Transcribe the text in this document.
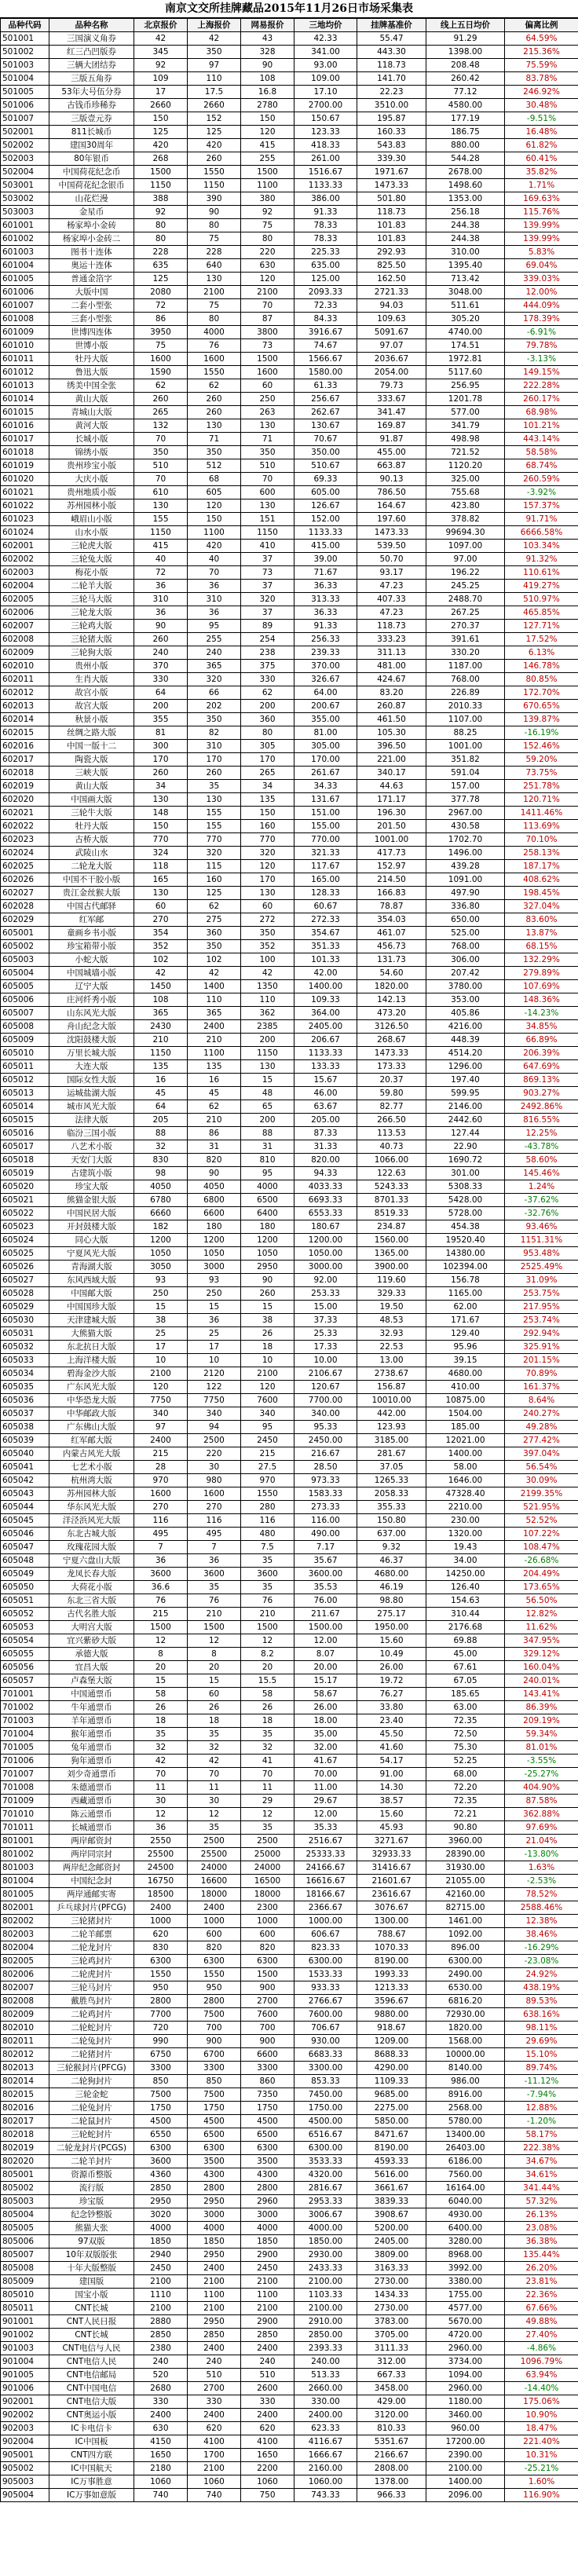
南京文交所挂牌藏品2015年11月26日市场采集表
品种代码	品种名称	北京报价	上海报价	网易报价	三地均价	挂牌基准价	线上五日均价	偏离比例
501001	三国演义角券	42	42	43	42.33	55.47	91.29	64.59%
501002	红三凸凹版券	345	350	328	341.00	443.30	1398.00	215.36%
501003	三辆大团结券	92	97	90	93.00	118.73	208.48	75.59%
501004	三版五角券	109	110	108	109.00	141.70	260.42	83.78%
501005	53年大号伍分券	17	17.5	16.8	17.10	22.23	77.12	246.92%
501006	古钱币珍稀券	2660	2660	2780	2700.00	3510.00	4580.00	30.48%
501007	三版壹元券	150	152	150	150.67	195.87	177.19	-9.51%
502001	811长城币	125	125	120	123.33	160.33	186.75	16.48%
502002	建国30周年	420	420	415	418.33	543.83	880.00	61.82%
502003	80年银币	268	260	255	261.00	339.30	544.28	60.41%
502004	中国荷花纪念币	1500	1550	1500	1516.67	1971.67	2678.00	35.82%
503001	中国荷花纪念银币	1150	1150	1100	1133.33	1473.33	1498.60	1.71%
503002	山花烂漫	388	390	380	386.00	501.80	1353.00	169.63%
503003	金星币	92	90	92	91.33	118.73	256.18	115.76%
601001	杨家埠小金砖	80	80	75	78.33	101.83	244.38	139.99%
601002	杨家埠小金砖二	80	75	80	78.33	101.83	244.38	139.99%
601003	图书十连体	228	228	220	225.33	292.93	310.00	5.83%
601004	奥运十连体	635	640	630	635.00	825.50	1395.40	69.04%
601005	普通金箔字	125	130	120	125.00	162.50	713.42	339.03%
601006	大版中国	2080	2100	2100	2093.33	2721.33	3048.00	12.00%
601007	二套小型张	72	75	70	72.33	94.03	511.61	444.09%
601008	三套小型张	86	80	87	84.33	109.63	305.20	178.39%
601009	世博四连体	3950	4000	3800	3916.67	5091.67	4740.00	-6.91%
601010	世博小版	75	76	73	74.67	97.07	174.51	79.78%
601011	牡丹大版	1600	1600	1500	1566.67	2036.67	1972.81	-3.13%
601012	鲁迅大版	1590	1550	1600	1580.00	2054.00	5117.60	149.15%
601013	绣美中国全张	62	62	60	61.33	79.73	256.95	222.28%
601014	黄山大版	260	260	250	256.67	333.67	1201.78	260.17%
601015	青城山大版	265	260	263	262.67	341.47	577.00	68.98%
601016	黄河大版	132	130	130	130.67	169.87	341.79	101.21%
601017	长城小版	70	71	71	70.67	91.87	498.98	443.14%
601018	锦绣小版	350	350	350	350.00	455.00	721.52	58.58%
601019	贵州珍宝小版	510	512	510	510.67	663.87	1120.20	68.74%
601020	大庆小版	70	68	70	69.33	90.13	325.00	260.59%
601021	贵州地质小版	610	605	600	605.00	786.50	755.68	-3.92%
601022	苏州园林小版	130	120	130	126.67	164.67	423.80	157.37%
601023	峨眉山小版	155	150	151	152.00	197.60	378.82	91.71%
601024	山水小版	1150	1100	1150	1133.33	1473.33	99694.30	6666.58%
602001	三轮虎大版	415	420	410	415.00	539.50	1097.00	103.34%
602002	三轮兔大版	40	40	37	39.00	50.70	97.00	91.32%
602003	梅花小版	72	70	73	71.67	93.17	196.22	110.61%
602004	二轮羊大版	36	36	37	36.33	47.23	245.25	419.27%
602005	三轮马大版	310	310	320	313.33	407.33	2488.70	510.97%
602006	三轮龙大版	36	36	37	36.33	47.23	267.25	465.85%
602007	三轮鸡大版	90	95	89	91.33	118.73	270.37	127.71%
602008	三轮猪大版	260	255	254	256.33	333.23	391.61	17.52%
602009	三轮狗大版	240	240	238	239.33	311.13	330.20	6.13%
602010	贵州小版	370	365	375	370.00	481.00	1187.00	146.78%
602011	生肖大版	330	320	330	326.67	424.67	768.00	80.85%
602012	故宫小版	64	66	62	64.00	83.20	226.89	172.70%
602013	故宫大版	200	202	200	200.67	260.87	2010.33	670.65%
602014	秋景小版	355	350	360	355.00	461.50	1107.00	139.87%
602015	丝绸之路大版	81	82	80	81.00	105.30	88.25	-16.19%
602016	中国一版十二	300	310	305	305.00	396.50	1001.00	152.46%
602017	陶瓷大版	170	170	170	170.00	221.00	351.82	59.20%
602018	三峡大版	260	260	265	261.67	340.17	591.04	73.75%
602019	黄山大版	34	35	34	34.33	44.63	157.00	251.78%
602020	中国画大版	130	130	135	131.67	171.17	377.78	120.71%
602021	三轮牛大版	148	155	150	151.00	196.30	2967.00	1411.46%
602022	牡丹大版	150	155	160	155.00	201.50	430.58	113.69%
602023	古桥大版	770	770	770	770.00	1001.00	1702.70	70.10%
602024	武陵山水	324	320	320	321.33	417.73	1496.00	258.13%
602025	二轮龙大版	118	115	120	117.67	152.97	439.28	187.17%
602026	中国不干胶小版	165	160	170	165.00	214.50	1091.00	408.62%
602027	贵江金丝猴大版	130	125	130	128.33	166.83	497.90	198.45%
602028	中国古代邮驿	60	62	60	60.67	78.87	336.80	327.04%
602029	红军邮	270	275	272	272.33	354.03	650.00	83.60%
605001	童画乡书小版	354	360	350	354.67	461.07	525.00	13.87%
605002	珍宝箱带小版	352	350	352	351.33	456.73	768.00	68.15%
605003	小蛇大版	102	102	100	101.33	131.73	306.00	132.29%
605004	中国城墙小版	42	42	42	42.00	54.60	207.42	279.89%
605005	辽宁大版	1450	1400	1350	1400.00	1820.00	3780.00	107.69%
605006	庄河纤秀小版	108	110	110	109.33	142.13	353.00	148.36%
605007	山东风光大版	365	365	362	364.00	473.20	405.86	-14.23%
605008	舟山纪念大版	2430	2400	2385	2405.00	3126.50	4216.00	34.85%
605009	沈阳鼓楼大版	210	210	200	206.67	268.67	448.39	66.89%
605010	万里长城大版	1150	1100	1150	1133.33	1473.33	4514.20	206.39%
605011	大连大版	135	135	130	133.33	173.33	1296.00	647.69%
605012	国际女性大版	16	16	15	15.67	20.37	197.40	869.13%
605013	运城盐湖大版	45	45	48	46.00	59.80	599.95	903.27%
605014	城市风光大版	64	62	65	63.67	82.77	2146.00	2492.86%
605015	法律大版	205	210	200	205.00	266.50	2442.60	816.55%
605016	临汾三国小版	88	86	88	87.33	113.53	127.44	12.25%
605017	八艺术小版	32	31	31	31.33	40.73	22.90	-43.78%
605018	天安门大版	830	820	810	820.00	1066.00	1690.72	58.60%
605019	古建筑小版	98	90	95	94.33	122.63	301.00	145.46%
605020	珍宝大版	4050	4050	4000	4033.33	5243.33	5308.33	1.24%
605021	熊猫金银大版	6780	6800	6500	6693.33	8701.33	5428.00	-37.62%
605022	中国民居大版	6660	6600	6400	6553.33	8519.33	5728.00	-32.76%
605023	开封鼓楼大版	182	180	180	180.67	234.87	454.38	93.46%
605024	同心大版	1200	1200	1200	1200.00	1560.00	19520.40	1151.31%
605025	宁夏风光大版	1050	1050	1050	1050.00	1365.00	14380.00	953.48%
605026	青海湖大版	3050	3000	2950	3000.00	3900.00	102394.00	2525.49%
605027	东风西域大版	93	93	90	92.00	119.60	156.78	31.09%
605028	中国邮大版	250	250	260	253.33	329.33	1165.00	253.75%
605029	中国国珍大版	15	15	15	15.00	19.50	62.00	217.95%
605030	天津建城大版	38	36	38	37.33	48.53	171.67	253.74%
605031	大熊猫大版	25	25	26	25.33	32.93	129.40	292.94%
605032	东北抗日大版	17	17	18	17.33	22.53	95.96	325.91%
605033	上海洋楼大版	10	10	10	10.00	13.00	39.15	201.15%
605034	碧海金沙大版	2100	2120	2100	2106.67	2738.67	4680.00	70.89%
605035	广东风光大版	120	122	120	120.67	156.87	410.00	161.37%
605036	中华恐龙大版	7750	7750	7600	7700.00	10010.00	10875.00	8.64%
605037	中华邮政大版	340	340	340	340.00	442.00	1504.00	240.27%
605038	广东佛山大版	97	94	95	95.33	123.93	185.00	49.28%
605039	红军邮大版	2400	2500	2450	2450.00	3185.00	12021.00	277.42%
605040	内蒙古风光大版	215	220	215	216.67	281.67	1400.00	397.04%
605041	七艺术小版	28	30	27.5	28.50	37.05	58.00	56.54%
605042	杭州湾大版	970	980	970	973.33	1265.33	1646.00	30.09%
605043	苏州园林大版	1600	1600	1550	1583.33	2058.33	47328.40	2199.35%
605044	华东风光大版	270	270	280	273.33	355.33	2210.00	521.95%
605045	洋泾浜风光大版	116	116	116	116.00	150.80	230.00	52.52%
605046	东北古城大版	495	495	480	490.00	637.00	1320.00	107.22%
605047	玫瑰花园大版	7	7	7.5	7.17	9.32	19.43	108.47%
605048	宁夏六盘山大版	36	36	35	35.67	46.37	34.00	-26.68%
605049	龙凤长春大版	3600	3600	3600	3600.00	4680.00	14250.00	204.49%
605050	大荷花小版	36.6	35	35	35.53	46.19	126.40	173.65%
605051	东北三省大版	76	76	76	76.00	98.80	154.63	56.50%
605052	古代名胜大版	215	210	210	211.67	275.17	310.44	12.82%
605053	大明宫大版	1500	1500	1500	1500.00	1950.00	2176.68	11.62%
605054	宜兴紫砂大版	12	12	12	12.00	15.60	69.88	347.95%
605055	承德大版	8	8	8.2	8.07	10.49	45.00	329.12%
605056	宜昌大版	20	20	20	20.00	26.00	67.61	160.04%
605057	卢森堡大版	15	15	15.5	15.17	19.72	67.05	240.01%
701001	中国通票币	58	60	58	58.67	76.27	185.65	143.41%
701002	牛年通票币	26	26	26	26.00	33.80	63.00	86.39%
701003	羊年通票币	18	18	18	18.00	23.40	72.35	209.19%
701004	猴年通票币	35	35	35	35.00	45.50	72.50	59.34%
701005	兔年通票币	32	32	32	32.00	41.60	75.30	81.01%
701006	狗年通票币	42	42	41	41.67	54.17	52.25	-3.55%
701007	刘少奇通票币	70	70	70	70.00	91.00	68.00	-25.27%
701008	朱德通票币	11	11	11	11.00	14.30	72.20	404.90%
701009	西藏通票币	30	30	29	29.67	38.57	72.35	87.58%
701010	陈云通票币	12	12	12	12.00	15.60	72.21	362.88%
701011	长城通票币	36	35	35	35.33	45.93	90.80	97.69%
801001	两岸邮资封	2550	2500	2500	2516.67	3271.67	3960.00	21.04%
801002	两岸同宗封	25500	25500	25000	25333.33	32933.33	28390.00	-13.80%
801003	两岸纪念邮资封	24500	24000	24000	24166.67	31416.67	31930.00	1.63%
801004	中国纪念封	16750	16600	16500	16616.67	21601.67	21055.00	-2.53%
801005	两岸通邮实寄	18500	18000	18000	18166.67	23616.67	42160.00	78.52%
802001	乒乓球封片(PFCG)	2400	2400	2300	2366.67	3076.67	82715.00	2588.46%
802002	三轮猪封片	1000	1000	1000	1000.00	1300.00	1461.00	12.38%
802003	二轮羊邮票	620	600	600	606.67	788.67	1092.00	38.46%
802004	二轮龙封片	830	820	820	823.33	1070.33	896.00	-16.29%
802005	三轮鸡封片	6300	6300	6300	6300.00	8190.00	6300.00	-23.08%
802006	二轮虎封片	1550	1550	1500	1533.33	1993.33	2490.00	24.92%
802007	三轮马封片	950	950	900	933.33	1213.33	6530.00	438.19%
802008	戴胜鸟封片	2800	2800	2700	2766.67	3596.67	6816.20	89.53%
802009	二轮鸡封片	7700	7500	7600	7600.00	9880.00	72930.00	638.16%
802010	二轮蛇封片	720	700	700	706.67	918.67	1820.00	98.11%
802011	二轮兔封片	990	900	900	930.00	1209.00	1568.00	29.69%
802012	二轮猪封片	6750	6700	6600	6683.33	8688.33	10000.00	15.10%
802013	三轮猴封片(PFCG)	3300	3300	3300	3300.00	4290.00	8140.00	89.74%
802014	二轮狗封片	850	850	860	853.33	1109.33	986.00	-11.12%
802015	三轮金蛇	7500	7500	7350	7450.00	9685.00	8916.00	-7.94%
802016	二轮兔封片	1750	1750	1750	1750.00	2275.00	2568.00	12.88%
802017	二轮鼠封片	4500	4500	4500	4500.00	5850.00	5780.00	-1.20%
802018	三轮蛇封片	6550	6500	6500	6516.67	8471.67	13400.00	58.17%
802019	二轮龙封片(PCGS)	6300	6300	6300	6300.00	8190.00	26403.00	222.38%
802020	二轮羊封片	3600	3500	3500	3533.33	4593.33	6186.00	34.67%
805001	资源币整版	4360	4300	4300	4320.00	5616.00	7560.00	34.61%
805002	流行版	2850	2800	2800	2816.67	3661.67	16164.00	341.44%
805003	珍宝版	2950	2950	2960	2953.33	3839.33	6040.00	57.32%
805004	纪念钞整版	3020	3000	3000	3006.67	3908.67	4930.00	26.13%
805005	熊猫大张	4000	4000	4000	4000.00	5200.00	6400.00	23.08%
805006	97双版	1850	1850	1850	1850.00	2405.00	3280.00	36.38%
805007	10年双版版张	2940	2950	2900	2930.00	3809.00	8968.00	135.44%
805008	十年大版整版	2450	2400	2450	2433.33	3163.33	3992.00	26.20%
805009	建国版	2100	2100	2100	2100.00	2730.00	3380.00	23.81%
805010	国宝小版	1110	1100	1100	1103.33	1434.33	1755.00	22.36%
805011	CNT长城	2100	2100	2100	2100.00	2730.00	4577.00	67.66%
901001	CNT人民日报	2880	2950	2900	2910.00	3783.00	5670.00	49.88%
901002	CNT长城	2850	2850	2850	2850.00	3705.00	4720.00	27.40%
901003	CNT电信与人民	2380	2400	2400	2393.33	3111.33	2960.00	-4.86%
901004	CNT电信人民	240	240	240	240.00	312.00	3734.00	1096.79%
901005	CNT电信邮局	520	510	510	513.33	667.33	1094.00	63.94%
901006	CNT中国电信	2680	2700	2600	2660.00	3458.00	2960.00	-14.40%
902001	CNT电信大版	330	330	330	330.00	429.00	1180.00	175.06%
902002	CNT奥运小版	2400	2400	2400	2400.00	3120.00	3460.00	10.90%
902003	IC卡电信卡	630	620	620	623.33	810.33	960.00	18.47%
902004	IC中国板	4150	4100	4100	4116.67	5351.67	17200.00	221.40%
905001	CNT四方联	1650	1700	1650	1666.67	2166.67	2390.00	10.31%
905002	IC中国航天	2180	2100	2200	2160.00	2808.00	2100.00	-25.21%
905003	IC万事胜意	1060	1060	1060	1060.00	1378.00	1400.00	1.60%
905004	IC万事如意版	740	740	750	743.33	966.33	2096.00	116.90%
